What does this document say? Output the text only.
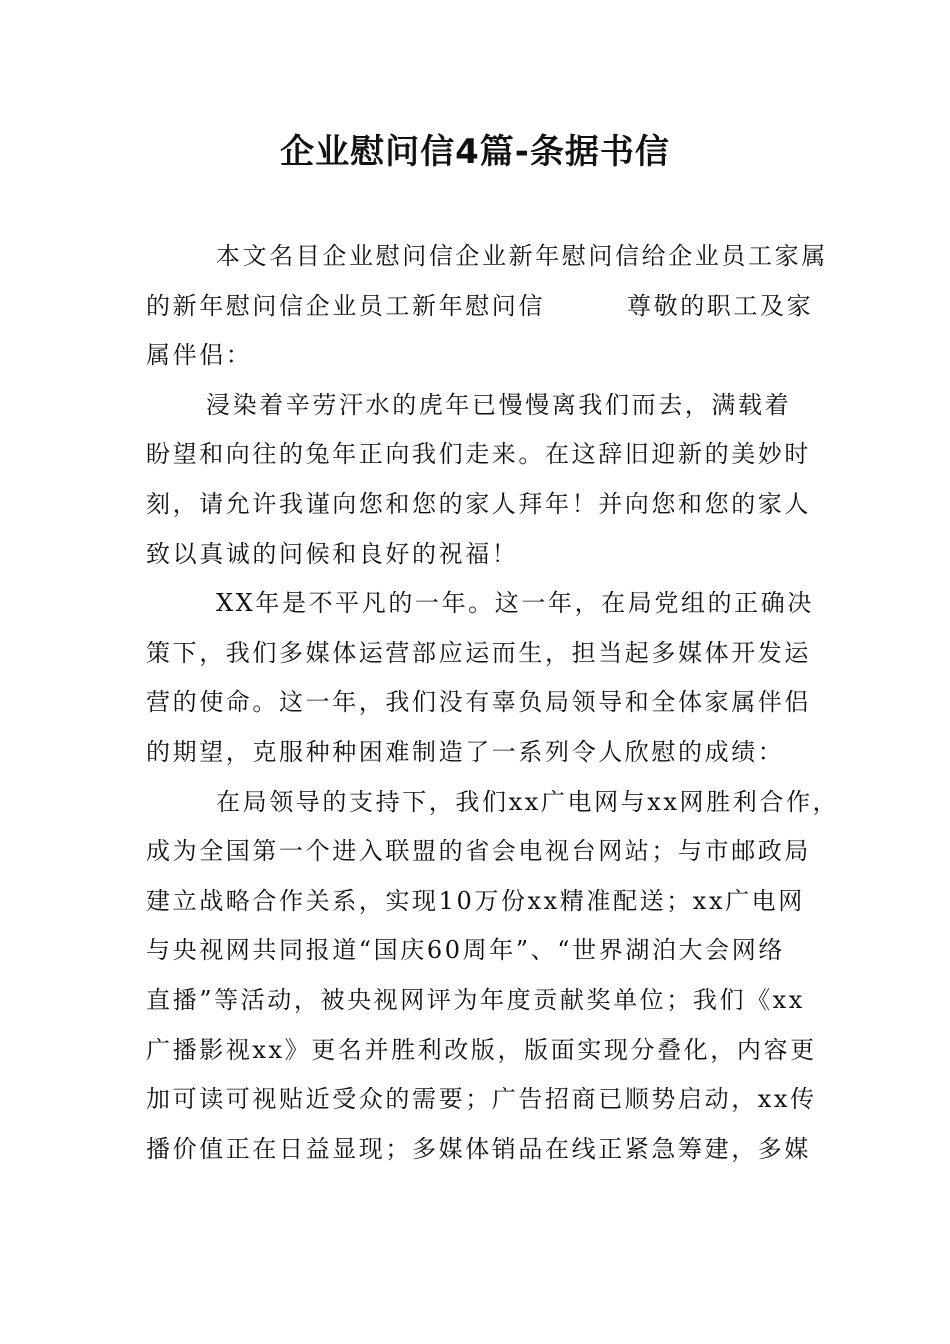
企业慰问信4篇-条据书信
本文名目企业慰问信企业新年慰问信给企业员工家属
的新年慰问信企业员工新年慰问信	尊敬的职工及家
属伴侣：
浸染着辛劳汗水的虎年已慢慢离我们而去，满载着
盼望和向往的兔年正向我们走来。在这辞旧迎新的美妙时
刻，请允许我谨向您和您的家人拜年！并向您和您的家人
致以真诚的问候和良好的祝福！
XX年是不平凡的一年。这一年，在局党组的正确决
策下，我们多媒体运营部应运而生，担当起多媒体开发运
营的使命。这一年，我们没有辜负局领导和全体家属伴侣
的期望，克服种种困难制造了一系列令人欣慰的成绩：
在局领导的支持下，我们xx广电网与xx网胜利合作，
成为全国第一个进入联盟的省会电视台网站；与市邮政局
建立战略合作关系，实现10万份xx精准配送；xx广电网
与央视网共同报道“国庆60周年”、“世界湖泊大会网络
直播”等活动，被央视网评为年度贡献奖单位；我们《xx
广播影视xx》更名并胜利改版，版面实现分叠化，内容更
加可读可视贴近受众的需要；广告招商已顺势启动，xx传
播价值正在日益显现；多媒体销品在线正紧急筹建，多媒
